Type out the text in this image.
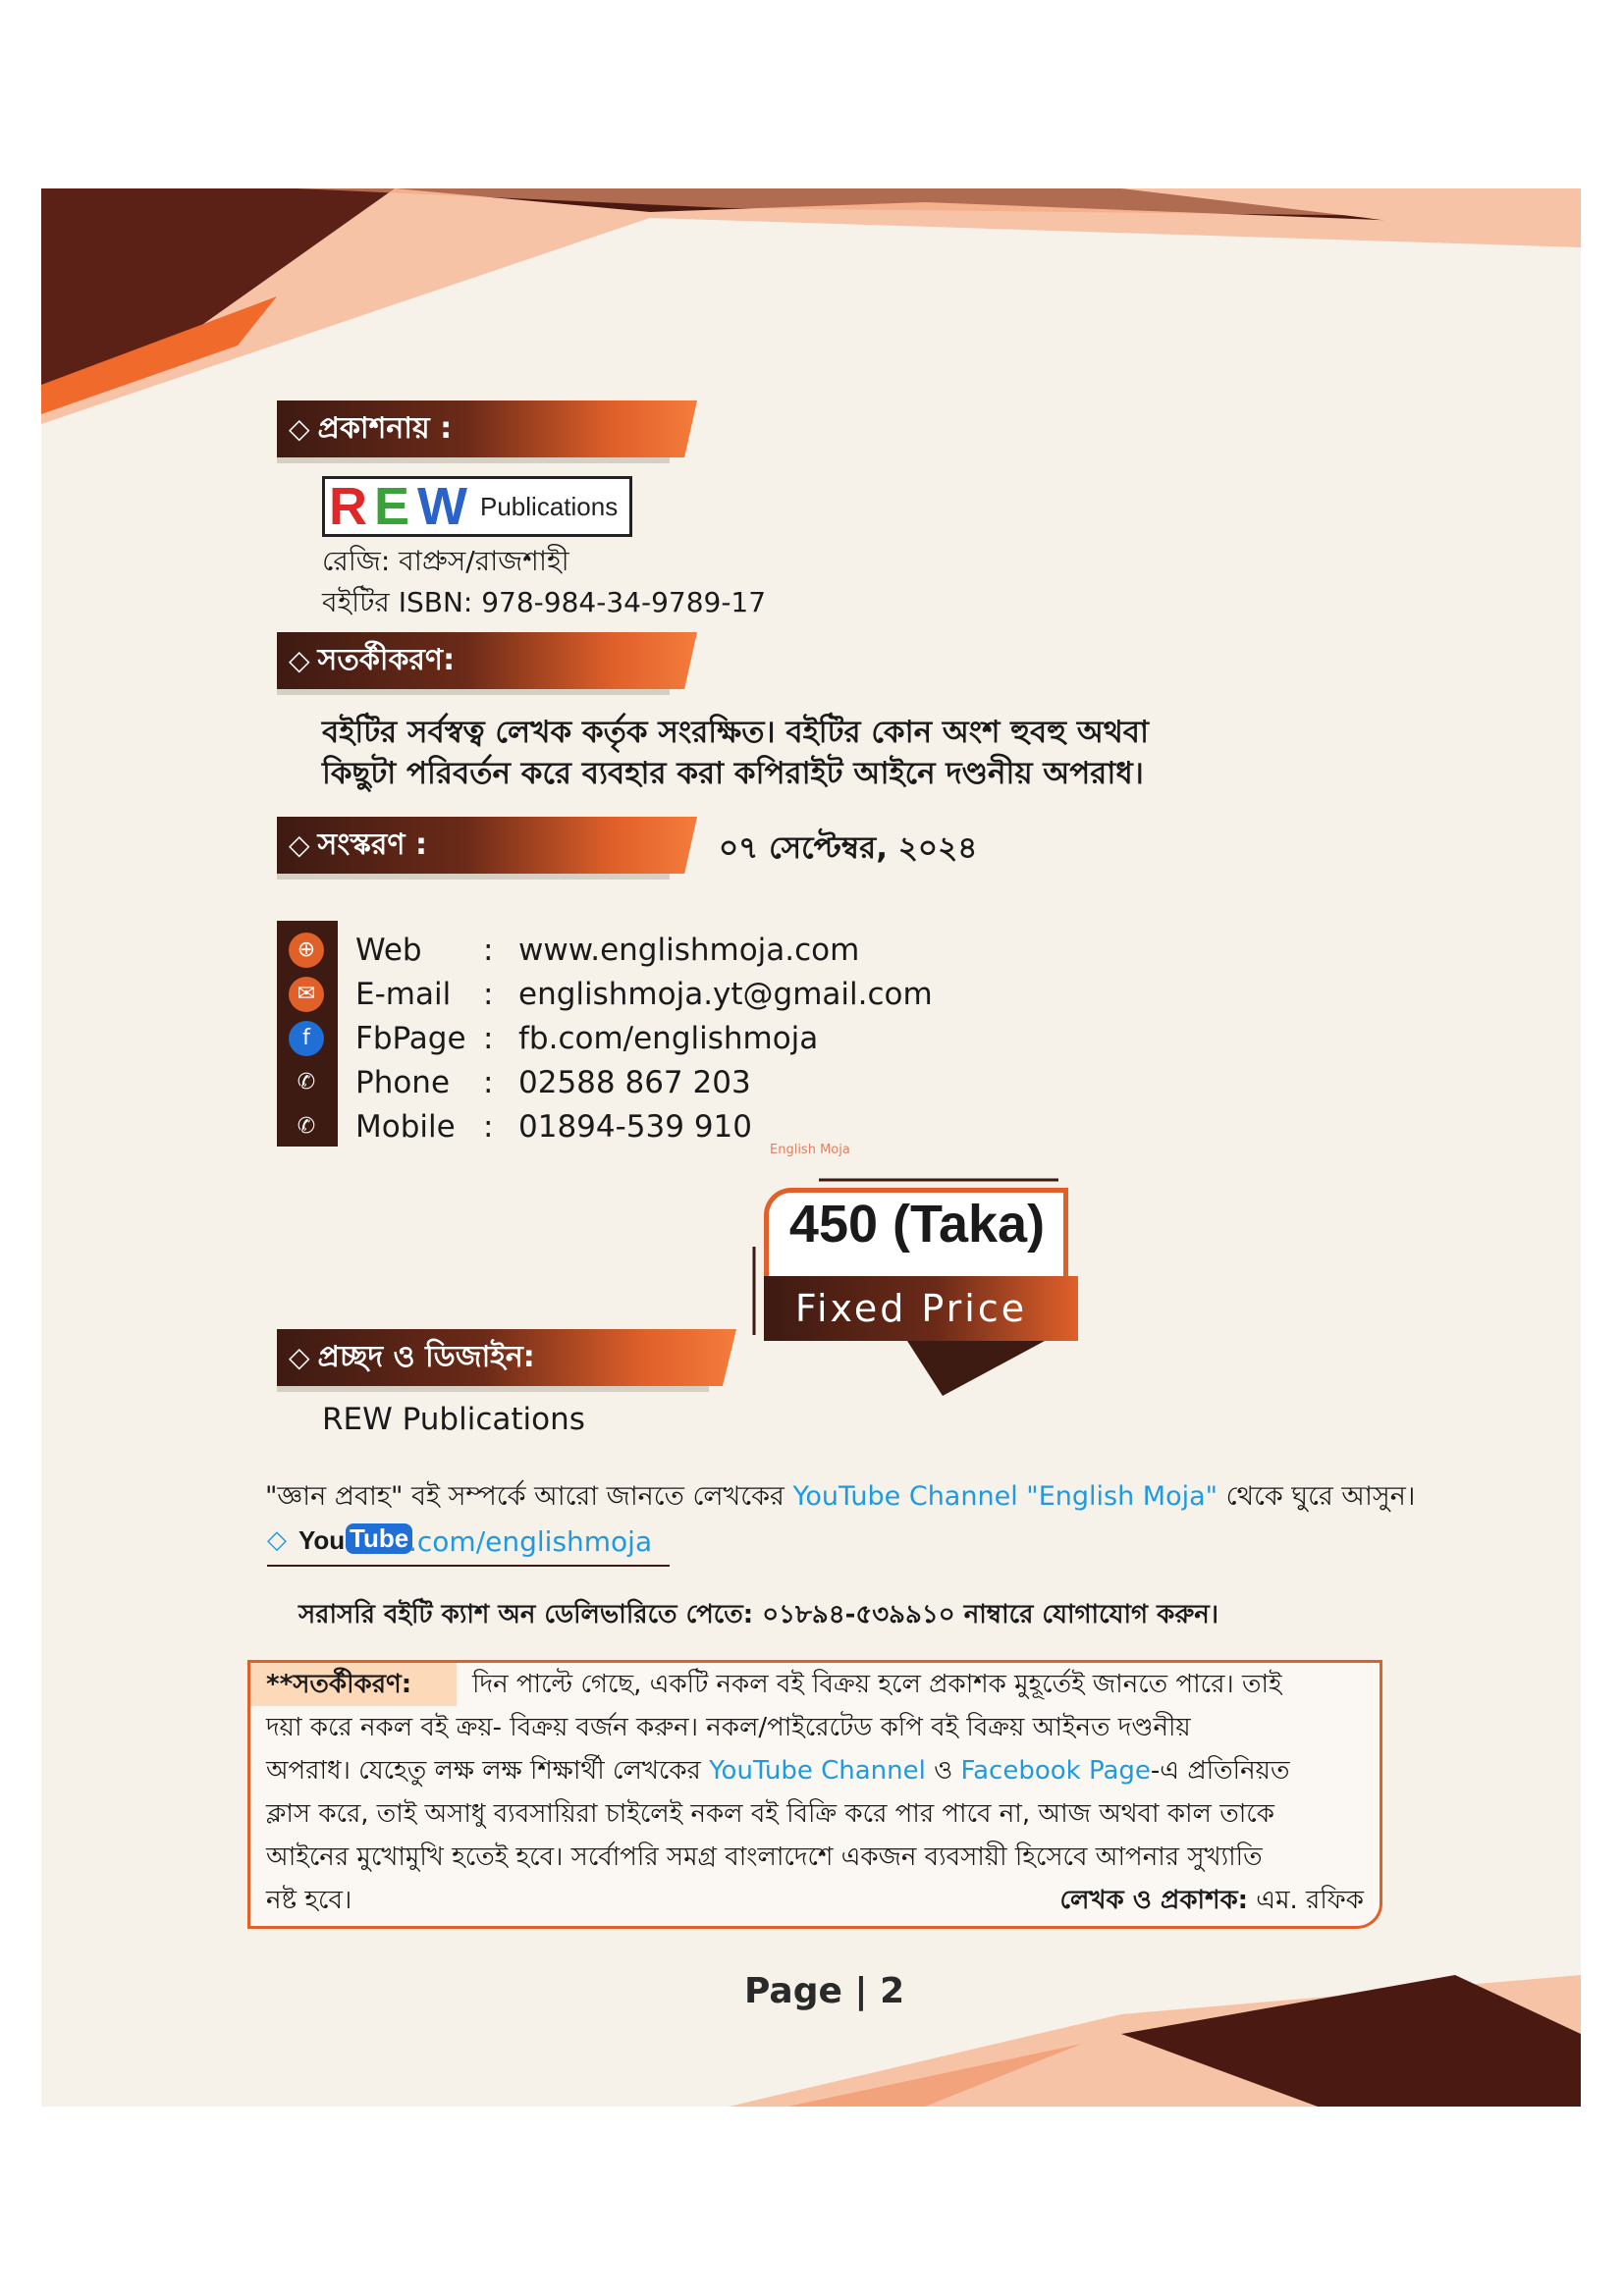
◇ প্রকাশনায় :
R E W Publications
রেজি: বাপ্রুস/রাজশাহী
বইটির ISBN: 978-984-34-9789-17
◇ সতর্কীকরণ:
বইটির সর্বস্বত্ব লেখক কর্তৃক সংরক্ষিত। বইটির কোন অংশ হুবহু অথবা
কিছুটা পরিবর্তন করে ব্যবহার করা কপিরাইট আইনে দণ্ডনীয় অপরাধ।
◇ সংস্করণ :	০৭ সেপ্টেম্বর, ২০২৪
English Moja
450 (Taka)
Fixed Price
◇ প্রচ্ছদ ও ডিজাইন:
REW Publications
"জ্ঞান প্রবাহ" বই সম্পর্কে আরো জানতে লেখকের YouTube Channel "English Moja" থেকে ঘুরে আসুন।
◇ You Tube .com/englishmoja
সরাসরি বইটি ক্যাশ অন ডেলিভারিতে পেতে: ০১৮৯৪-৫৩৯৯১০ নাম্বারে যোগাযোগ করুন।
**সতর্কীকরণ: দিন পাল্টে গেছে, একটি নকল বই বিক্রয় হলে প্রকাশক মুহূর্তেই জানতে পারে। তাই
দয়া করে নকল বই ক্রয়- বিক্রয় বর্জন করুন। নকল/পাইরেটেড কপি বই বিক্রয় আইনত দণ্ডনীয়
অপরাধ। যেহেতু লক্ষ লক্ষ শিক্ষার্থী লেখকের YouTube Channel ও Facebook Page-এ প্রতিনিয়ত
ক্লাস করে, তাই অসাধু ব্যবসায়িরা চাইলেই নকল বই বিক্রি করে পার পাবে না, আজ অথবা কাল তাকে
আইনের মুখোমুখি হতেই হবে। সর্বোপরি সমগ্র বাংলাদেশে একজন ব্যবসায়ী হিসেবে আপনার সুখ্যাতি
নষ্ট হবে।	লেখক ও প্রকাশক: এম. রফিক
Page | 2
⊕ Web : www.englishmoja.com
✉ E-mail : englishmoja.yt@gmail.com
f	FbPage : fb.com/englishmoja
✆ Phone : 02588 867 203
✆ Mobile : 01894-539 910
